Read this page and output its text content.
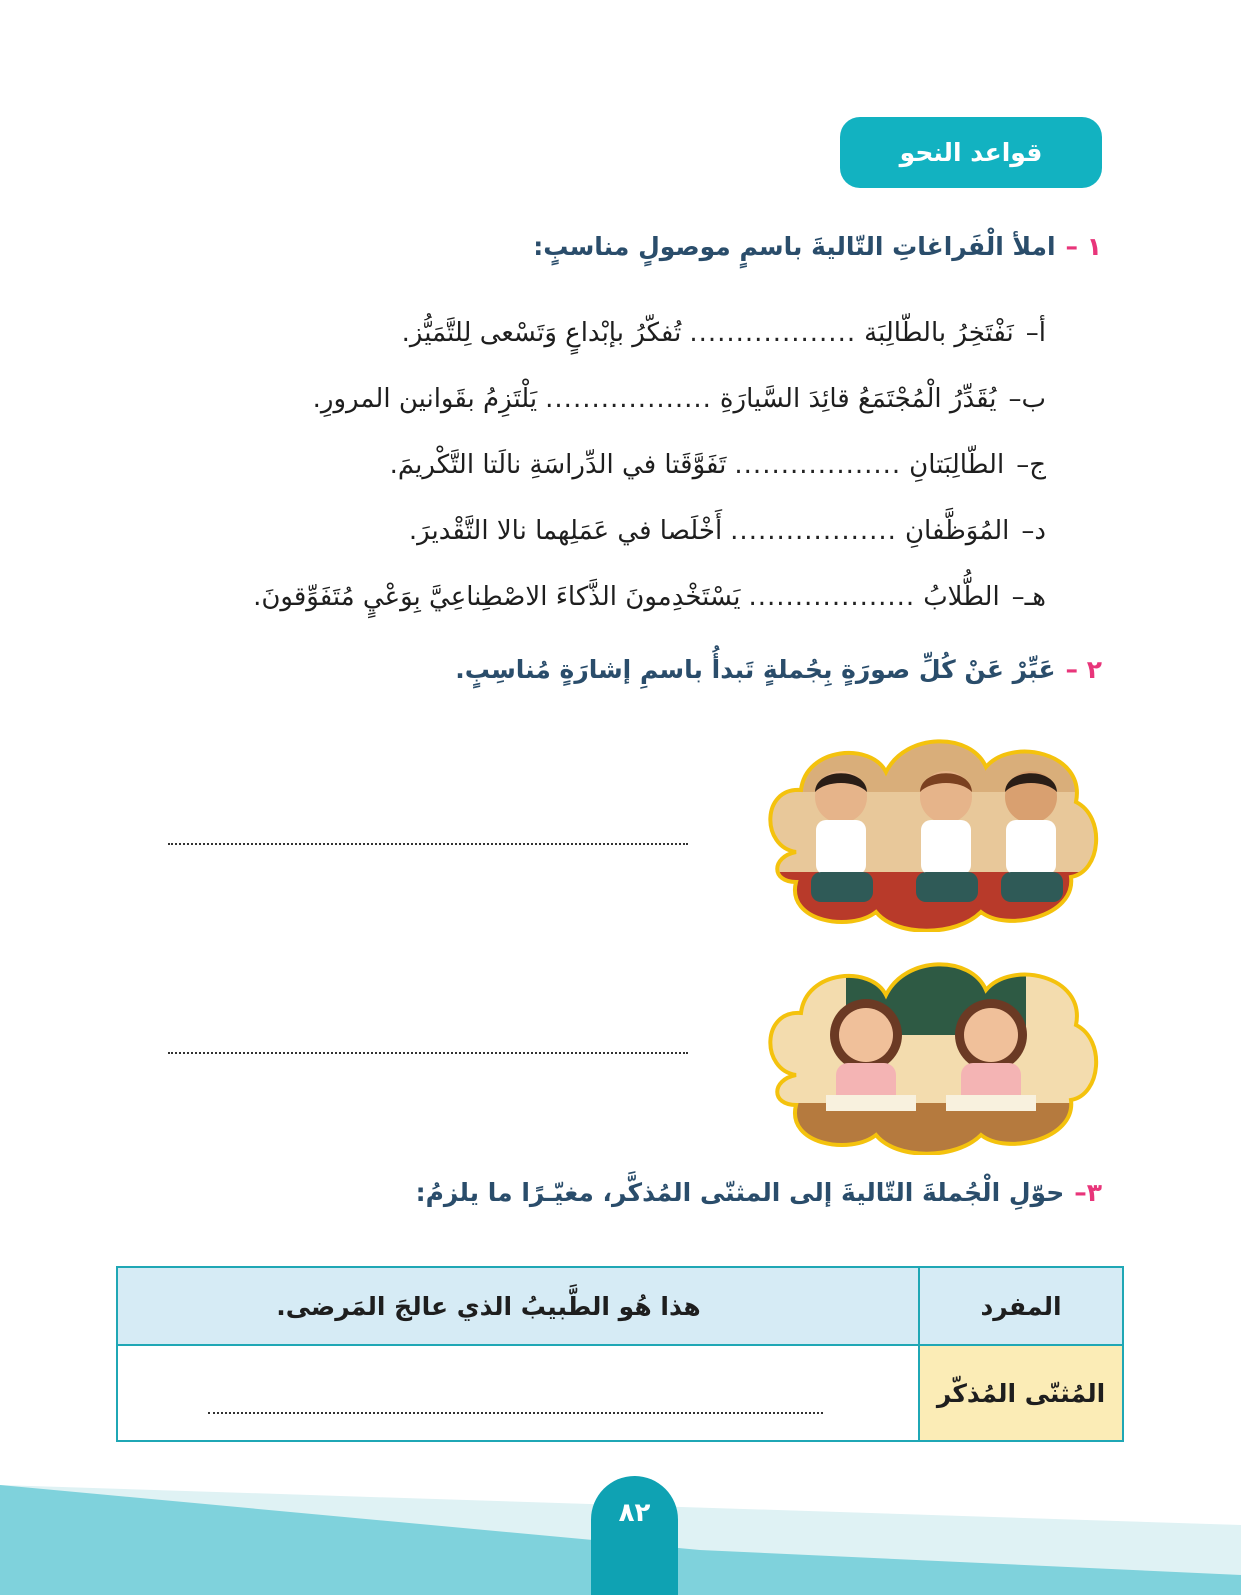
قواعد النحو
١ –املأ الْفَراغاتِ التّاليةَ باسمٍ موصولٍ مناسبٍ:
أ–
نَفْتَخِرُ بالطّالِبَة
..................
تُفكّرُ بإبْداعٍ وَتَسْعى لِلتَّمَيُّز.
ب–
يُقَدِّرُ الْمُجْتَمَعُ قائِدَ السَّيارَةِ
..................
يَلْتَزِمُ بقَوانين المرورِ.
ج–
الطّالِبَتانِ
..................
تَفَوَّقَتا في الدِّراسَةِ نالَتا التَّكْريمَ.
د–
المُوَظَّفانِ
..................
أَخْلَصا في عَمَلِهما نالا التَّقْديرَ.
هـ–
الطُّلابُ
..................
يَسْتَخْدِمونَ الذَّكاءَ الاصْطِناعِيَّ بِوَعْيٍ مُتَفَوِّقونَ.
٢ –عَبِّرْ عَنْ كُلِّ صورَةٍ بِجُملةٍ تَبدأُ باسمِ إشارَةٍ مُناسِبٍ.
٣–حوّلِ الْجُملةَ التّاليةَ إلى المثنّى المُذكَّر، مغيّـرًا ما يلزمُ:
المفرد	هذا هُو الطَّبيبُ الذي عالجَ المَرضى.
المُثنّى المُذكّر	
٨٢
